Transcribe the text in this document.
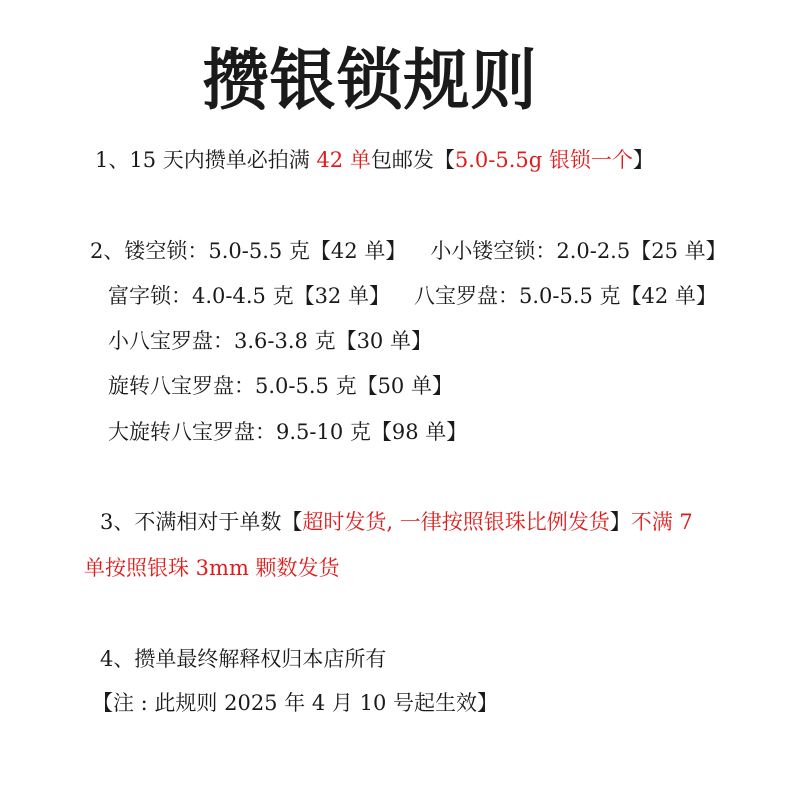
攒银锁规则
1、15 天内攒单必拍满 42 单包邮发【5.0-5.5g 银锁一个】
2、镂空锁：5.0-5.5 克【42 单】 小小镂空锁：2.0-2.5【25 单】
富字锁：4.0-4.5 克【32 单】 八宝罗盘：5.0-5.5 克【42 单】
小八宝罗盘：3.6-3.8 克【30 单】
旋转八宝罗盘：5.0-5.5 克【50 单】
大旋转八宝罗盘：9.5-10 克【98 单】
3、不满相对于单数【超时发货, 一律按照银珠比例发货】不满 7
单按照银珠 3mm 颗数发货
4、攒单最终解释权归本店所有
【注 : 此规则 2025 年 4 月 10 号起生效】
